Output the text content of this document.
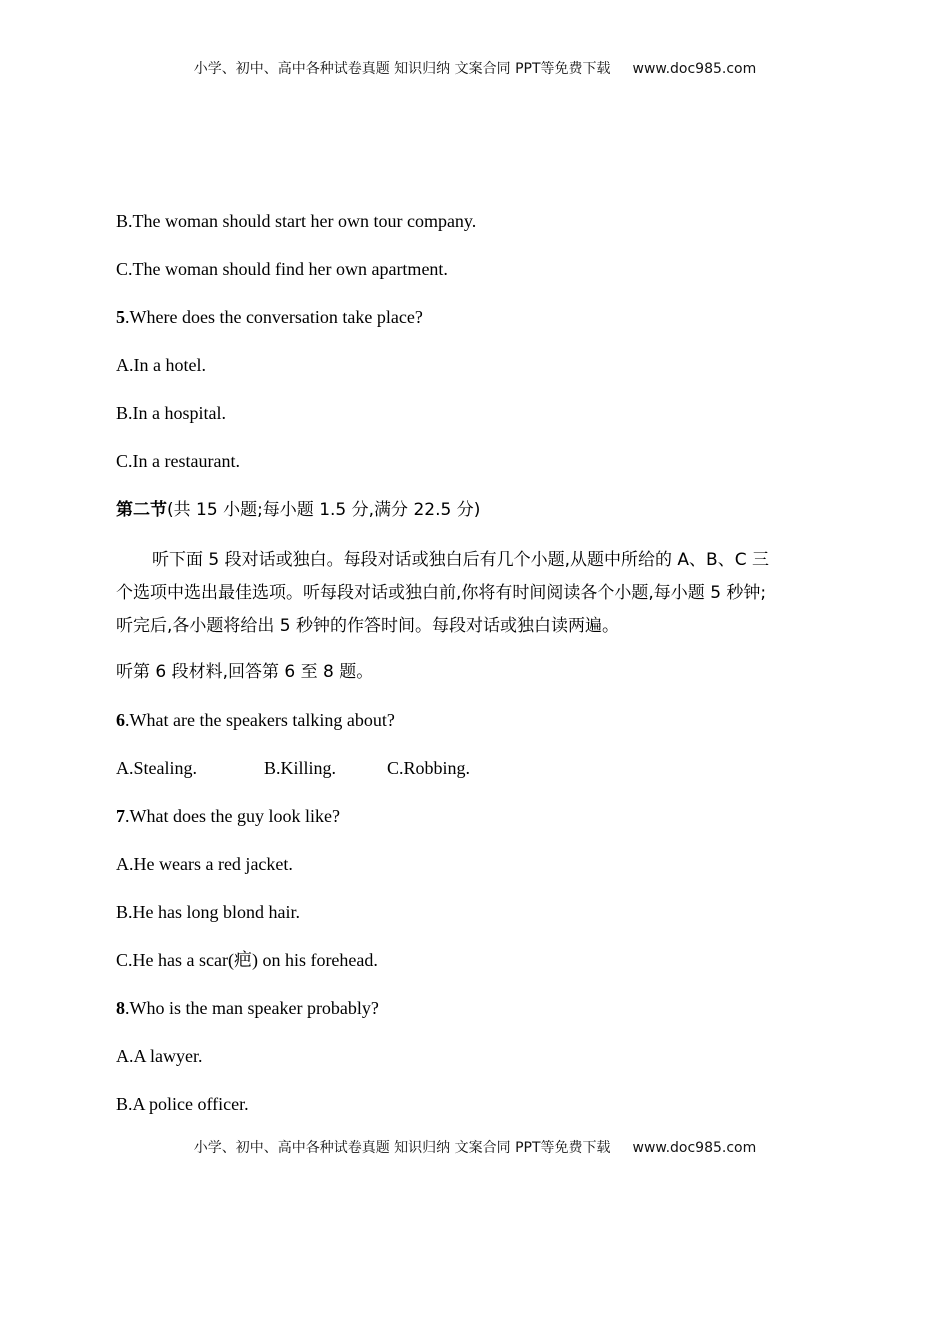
小学、初中、高中各种试卷真题 知识归纳 文案合同 PPT等免费下载 www.doc985.com
B.The woman should start her own tour company.
C.The woman should find her own apartment.
5.Where does the conversation take place?
A.In a hotel.
B.In a hospital.
C.In a restaurant.
第二节(共 15 小题;每小题 1.5 分,满分 22.5 分)
听下面 5 段对话或独白。每段对话或独白后有几个小题,从题中所给的 A、B、C 三
个选项中选出最佳选项。听每段对话或独白前,你将有时间阅读各个小题,每小题 5 秒钟;
听完后,各小题将给出 5 秒钟的作答时间。每段对话或独白读两遍。
听第 6 段材料,回答第 6 至 8 题。
6.What are the speakers talking about?
A.Stealing.	B.Killing.	C.Robbing.
7.What does the guy look like?
A.He wears a red jacket.
B.He has long blond hair.
C.He has a scar(疤) on his forehead.
8.Who is the man speaker probably?
A.A lawyer.
B.A police officer.
小学、初中、高中各种试卷真题 知识归纳 文案合同 PPT等免费下载 www.doc985.com
